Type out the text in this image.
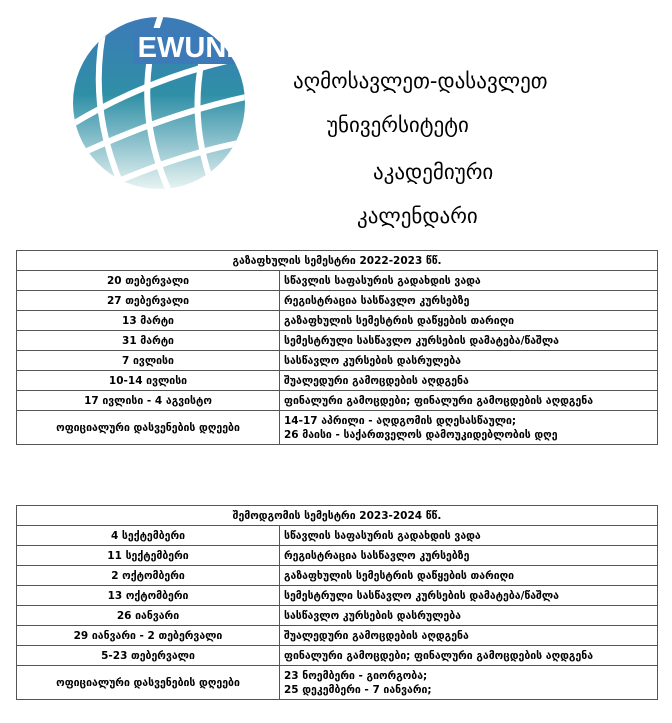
EWUNI
აღმოსავლეთ-დასავლეთ
უნივერსიტეტი
აკადემიური
კალენდარი
გაზაფხულის სემესტრი 2022-2023 წწ.	
20 თებერვალი	სწავლის საფასურის გადახდის ვადა
27 თებერვალი	რეგისტრაცია სასწავლო კურსებზე
13 მარტი	გაზაფხულის სემესტრის დაწყების თარიღი
31 მარტი	სემესტრული სასწავლო კურსების დამატება/წაშლა
7 ივლისი	სასწავლო კურსების დასრულება
10-14 ივლისი	შუალედური გამოცდების აღდგენა
17 ივლისი - 4 აგვისტო	ფინალური გამოცდები; ფინალური გამოცდების აღდგენა
ოფიციალური დასვენების დღეები	14-17 აპრილი - აღდგომის დღესასწაული;
26 მაისი - საქართველოს დამოუკიდებლობის დღე
შემოდგომის სემესტრი 2023-2024 წწ.	
4 სექტემბერი	სწავლის საფასურის გადახდის ვადა
11 სექტემბერი	რეგისტრაცია სასწავლო კურსებზე
2 ოქტომბერი	გაზაფხულის სემესტრის დაწყების თარიღი
13 ოქტომბერი	სემესტრული სასწავლო კურსების დამატება/წაშლა
26 იანვარი	სასწავლო კურსების დასრულება
29 იანვარი - 2 თებერვალი	შუალედური გამოცდების აღდგენა
5-23 თებერვალი	ფინალური გამოცდები; ფინალური გამოცდების აღდგენა
ოფიციალური დასვენების დღეები	23 ნოემბერი - გიორგობა;
25 დეკემბერი - 7 იანვარი;
